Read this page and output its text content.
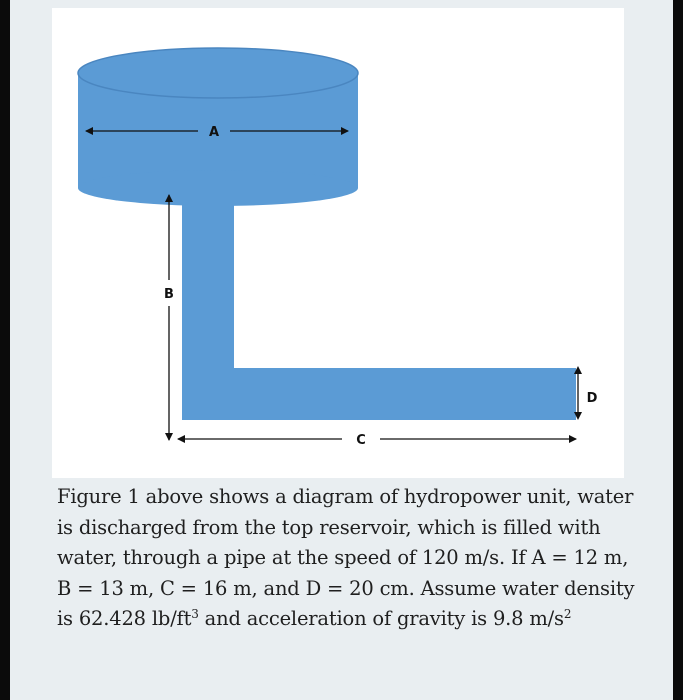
A
B
C
D

Figure 1 above shows a diagram of hydropower unit, water is discharged from the top reservoir, which is filled with water, through a pipe at the speed of 120 m/s. If A = 12 m, B = 13 m, C = 16 m, and D = 20 cm. Assume water density is 62.428 $lb/ft^3$ and acceleration of gravity is 9.8 $m/s^2$
